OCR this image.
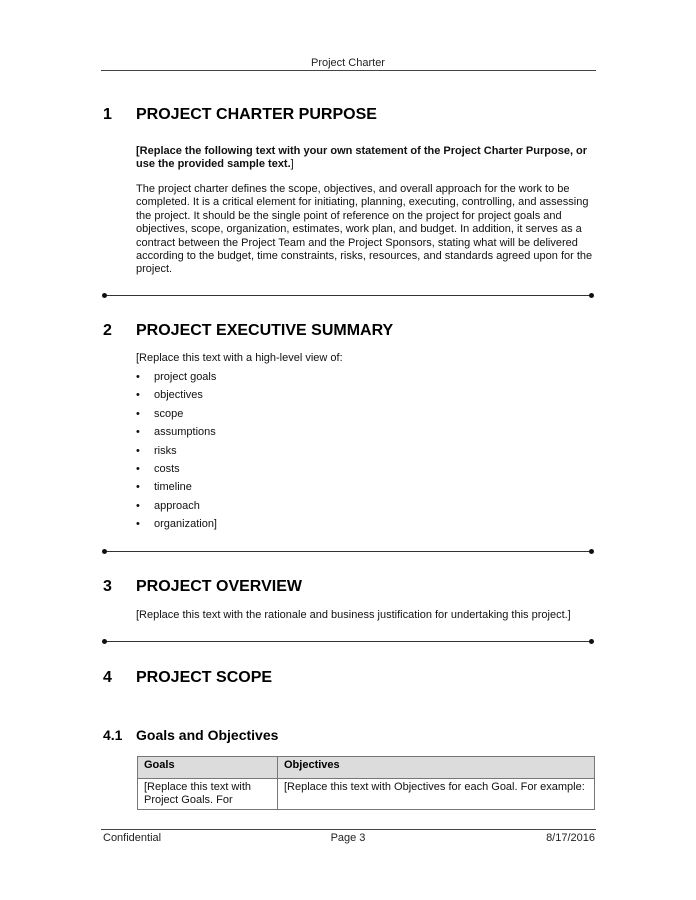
Project Charter
1 PROJECT CHARTER PURPOSE
[Replace the following text with your own statement of the Project Charter Purpose, or use the provided sample text.]
The project charter defines the scope, objectives, and overall approach for the work to be completed. It is a critical element for initiating, planning, executing, controlling, and assessing the project. It should be the single point of reference on the project for project goals and objectives, scope, organization, estimates, work plan, and budget. In addition, it serves as a contract between the Project Team and the Project Sponsors, stating what will be delivered according to the budget, time constraints, risks, resources, and standards agreed upon for the project.
2 PROJECT EXECUTIVE SUMMARY
[Replace this text with a high-level view of:
• project goals
• objectives
• scope
• assumptions
• risks
• costs
• timeline
• approach
• organization]
3 PROJECT OVERVIEW
[Replace this text with the rationale and business justification for undertaking this project.]
4 PROJECT SCOPE
4.1 Goals and Objectives
Goals	Objectives
[Replace this text with Project Goals. For	[Replace this text with Objectives for each Goal. For example:
Confidential	Page 3	8/17/2016
